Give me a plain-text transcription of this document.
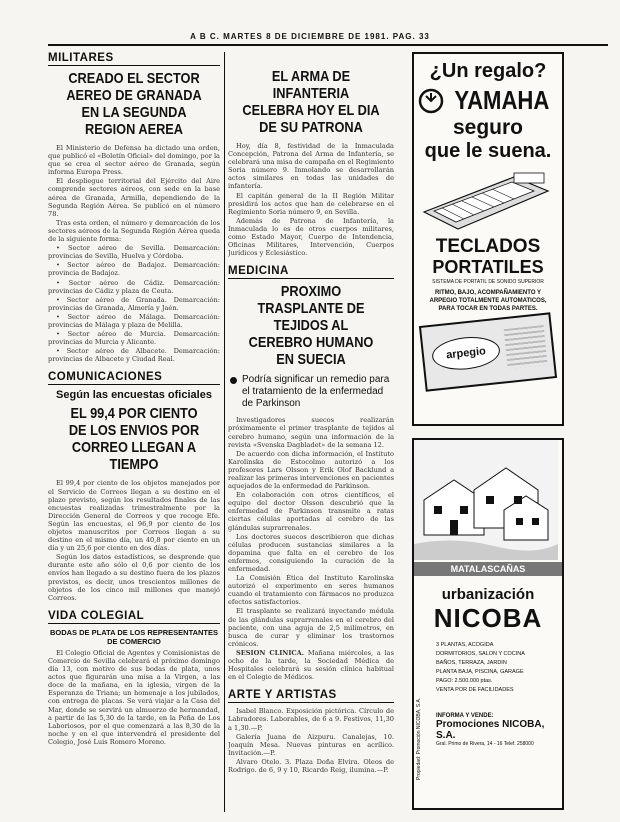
A B C. MARTES 8 DE DICIEMBRE DE 1981. PAG. 33
MILITARES
CREADO EL SECTOR AEREO DE GRANADA EN LA SEGUNDA REGION AEREA

El Ministerio de Defensa ha dictado una orden, que publicó el «Boletín Oficial» del domingo, por la que se crea el sector aéreo de Granada, según informa Europa Press.

El despliegue territorial del Ejército del Aire comprende sectores aéreos, con sede en la base aérea de Granada, Armilla, dependiendo de la Segunda Región Aérea. Se publicó en el número 78.

Tras esta orden, el número y demarcación de los sectores aéreos de la Segunda Región Aérea queda de la siguiente forma:

• Sector aéreo de Sevilla. Demarcación: provincias de Sevilla, Huelva y Córdoba.

• Sector aéreo de Badajoz. Demarcación: provincia de Badajoz.

• Sector aéreo de Cádiz. Demarcación: provincias de Cádiz y plaza de Ceuta.

• Sector aéreo de Granada. Demarcación: provincias de Granada, Almería y Jaén.

• Sector aéreo de Málaga. Demarcación: provincias de Málaga y plaza de Melilla.

• Sector aéreo de Murcia. Demarcación: provincias de Murcia y Alicante.

• Sector aéreo de Albacete. Demarcación: provincias de Albacete y Ciudad Real.

COMUNICACIONES
Según las encuestas oficiales
EL 99,4 POR CIENTO DE LOS ENVIOS POR CORREO LLEGAN A TIEMPO

El 99,4 por ciento de los objetos manejados por el Servicio de Correos llegan a su destino en el plazo previsto, según los resultados finales de las encuestas realizadas trimestralmente por la Dirección General de Correos y que recoge Efe. Según las encuestas, el 96,9 por ciento de los objetos manuscritos por Correos llegan a su destino en el mismo día, un 40,8 por ciento en un día y un 25,6 por ciento en dos días.

Según los datos estadísticos, se desprende que durante este año sólo el 0,6 por ciento de los envíos han llegado a su destino fuera de los plazos previstos, es decir, unos trescientos millones de objetos de los cinco mil millones que manejó Correos.

VIDA COLEGIAL
BODAS DE PLATA DE LOS REPRESENTANTES DE COMERCIO

El Colegio Oficial de Agentes y Comisionistas de Comercio de Sevilla celebrará el próximo domingo día 13, con motivo de sus bodas de plata, unos actos que figurarán una misa a la Virgen, a las doce de la mañana, en la iglesia, virgen de la Esperanza de Triana; un homenaje a los jubilados, con entrega de placas. Se verá viajar a la Casa del Mar, donde se servirá un almuerzo de hermandad, a partir de las 5,30 de la tarde, en la Peña de Los Laboriosos, por el que comenzará a las 8,30 de la noche y en el que intervendrá el presidente del Colegio, José Luis Romero Moreno.

EL ARMA DE INFANTERIA CELEBRA HOY EL DIA DE SU PATRONA

Hoy, día 8, festividad de la Inmaculada Concepción, Patrona del Arma de Infantería, se celebrará una misa de campaña en el Regimiento Soria número 9. Inmolando se desarrollarán actos similares en todas las unidades de infantería.

El capitán general de la II Región Militar presidirá los actos que han de celebrarse en el Regimiento Soria número 9, en Sevilla.

Además de Patrona de Infantería, la Inmaculada lo es de otros cuerpos militares, como Estado Mayor, Cuerpo de Intendencia, Oficinas Militares, Intervención, Cuerpos Jurídicos y Eclesiástico.

MEDICINA
PROXIMO TRASPLANTE DE TEJIDOS AL CEREBRO HUMANO EN SUECIA
Podría significar un remedio para el tratamiento de la enfermedad de Parkinson

Investigadores suecos realizarán próximamente el primer trasplante de tejidos al cerebro humano, según una información de la revista «Svenska Dagbladet» de la semana 12.

De acuerdo con dicha información, el Instituto Karolinska de Estocolmo autorizó a los profesores Lars Olsson y Erik Olof Backlund a realizar las primeras intervenciones en pacientes aquejados de la enfermedad de Parkinson.

En colaboración con otros científicos, el equipo del doctor Olsson descubrió que la enfermedad de Parkinson transmite a ratas ciertas células aportadas al cerebro de las glándulas suprarrenales.

Los doctores suecos describieron que dichas células producen sustancias similares a la dopamina que falta en el cerebro de los enfermos, consiguiendo la curación de la enfermedad.

La Comisión Ética del Instituto Karolinska autorizó el experimento en seres humanos cuando el tratamiento con fármacos no produzca efectos satisfactorios.

El trasplante se realizará inyectando médula de las glándulas suprarrenales en el cerebro del paciente, con una aguja de 2,5 milímetros, en busca de curar y eliminar los trastornos crónicos.

SESION CLINICA. Mañana miércoles, a las ocho de la tarde, la Sociedad Médica de Hospitales celebrará su sesión clínica habitual en el Colegio de Médicos.

ARTE Y ARTISTAS

Isabel Blanco. Exposición pictórica. Círculo de Labradores. Laborables, de 6 a 9. Festivos, 11,30 a 1,30.—P.

Galería Juana de Aizpuru. Canalejas, 10. Joaquín Mesa. Nuevas pinturas en acrílico. Invitación.—P.

Alvaro Otelo. 3. Plaza Doña Elvira. Oleos de Rodrigo. de 6, 9 y 10, Ricardo Reig, ilumina.—P.

¿Un regalo?
YAMAHA
seguro
que le suena.
TECLADOS
PORTATILES
SISTEMA DE PORTATIL DE SONIDO SUPERIOR
RITMO, BAJO, ACOMPAÑAMIENTO Y ARPEGIO TOTALMENTE AUTOMATICOS, PARA TOCAR EN TODAS PARTES.
arpegio
MATALASCAÑAS
urbanización
NICOBA
3 PLANTAS, ACOGIDA
DORMITORIOS, SALON Y COCINA
BAÑOS, TERRAZA, JARDIN
PLANTA BAJA, PISCINA, GARAGE
PAGO: 2.500.000 ptas.
VENTA POR DE FACILIDADES
INFORMA Y VENDE:
Promociones NICOBA, S.A.
Gral. Primo de Rivera, 14 - 16 Telef. 258000
Propiedad: Promoción NICOBA, S.A.
